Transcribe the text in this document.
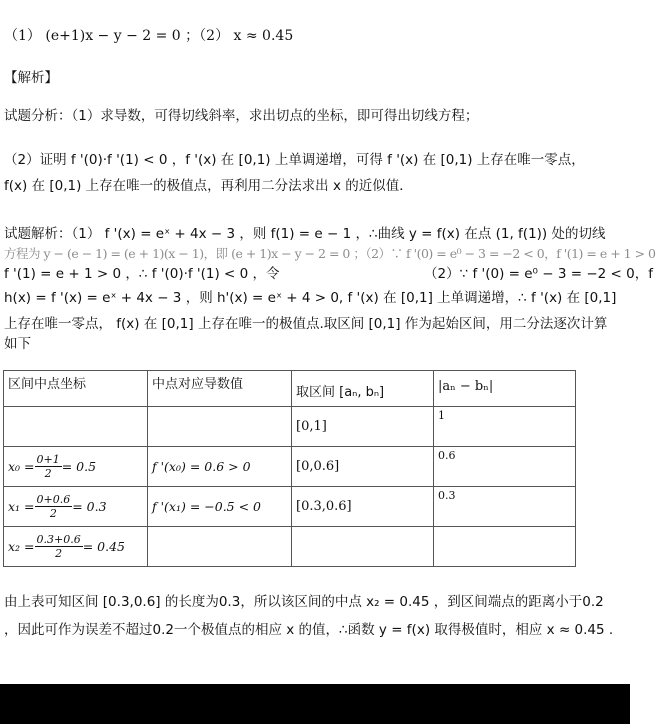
（1） (e+1)x − y − 2 = 0 ；（2） x ≈ 0.45
【解析】
试题分析：（1）求导数，可得切线斜率，求出切点的坐标，即可得出切线方程；
（2）证明 f '(0)·f '(1) < 0 ，f '(x) 在 [0,1) 上单调递增，可得 f '(x) 在 [0,1) 上存在唯一零点，
f(x) 在 [0,1) 上存在唯一的极值点，再利用二分法求出 x 的近似值．
试题解析：（1） f '(x) = eˣ + 4x − 3 ，则 f(1) = e − 1 ，∴曲线 y = f(x) 在点 (1, f(1)) 处的切线
方程为 y − (e − 1) = (e + 1)(x − 1)，即 (e + 1)x − y − 2 = 0 ；（2）∵ f '(0) = e⁰ − 3 = −2 < 0，f '(1) = e + 1 > 0
f '(1) = e + 1 > 0 ，∴ f '(0)·f '(1) < 0 ，令	（2）∵ f '(0) = e⁰ − 3 = −2 < 0，f
h(x) = f '(x) = eˣ + 4x − 3 ，则 h'(x) = eˣ + 4 > 0, f '(x) 在 [0,1] 上单调递增，∴ f '(x) 在 [0,1]
上存在唯一零点， f(x) 在 [0,1] 上存在唯一的极值点.取区间 [0,1] 作为起始区间，用二分法逐次计算
如下
区间中点坐标	中点对应导数值	取区间 [aₙ, bₙ]	|aₙ − bₙ|
		[0,1]	1

$x_0 = \frac{0+1}{2} = 0.5$	f '(x₀) = 0.6 > 0	[0,0.6]	0.6

$x_1 = \frac{0+0.6}{2} = 0.3$	f '(x₁) = −0.5 < 0	[0.3,0.6]	0.3

$x_2 = \frac{0.3+0.6}{2} = 0.45$			

由上表可知区间 [0.3,0.6] 的长度为0.3，所以该区间的中点 x₂ = 0.45 ，到区间端点的距离小于0.2
，因此可作为误差不超过0.2一个极值点的相应 x 的值，∴函数 y = f(x) 取得极值时，相应 x ≈ 0.45 .
